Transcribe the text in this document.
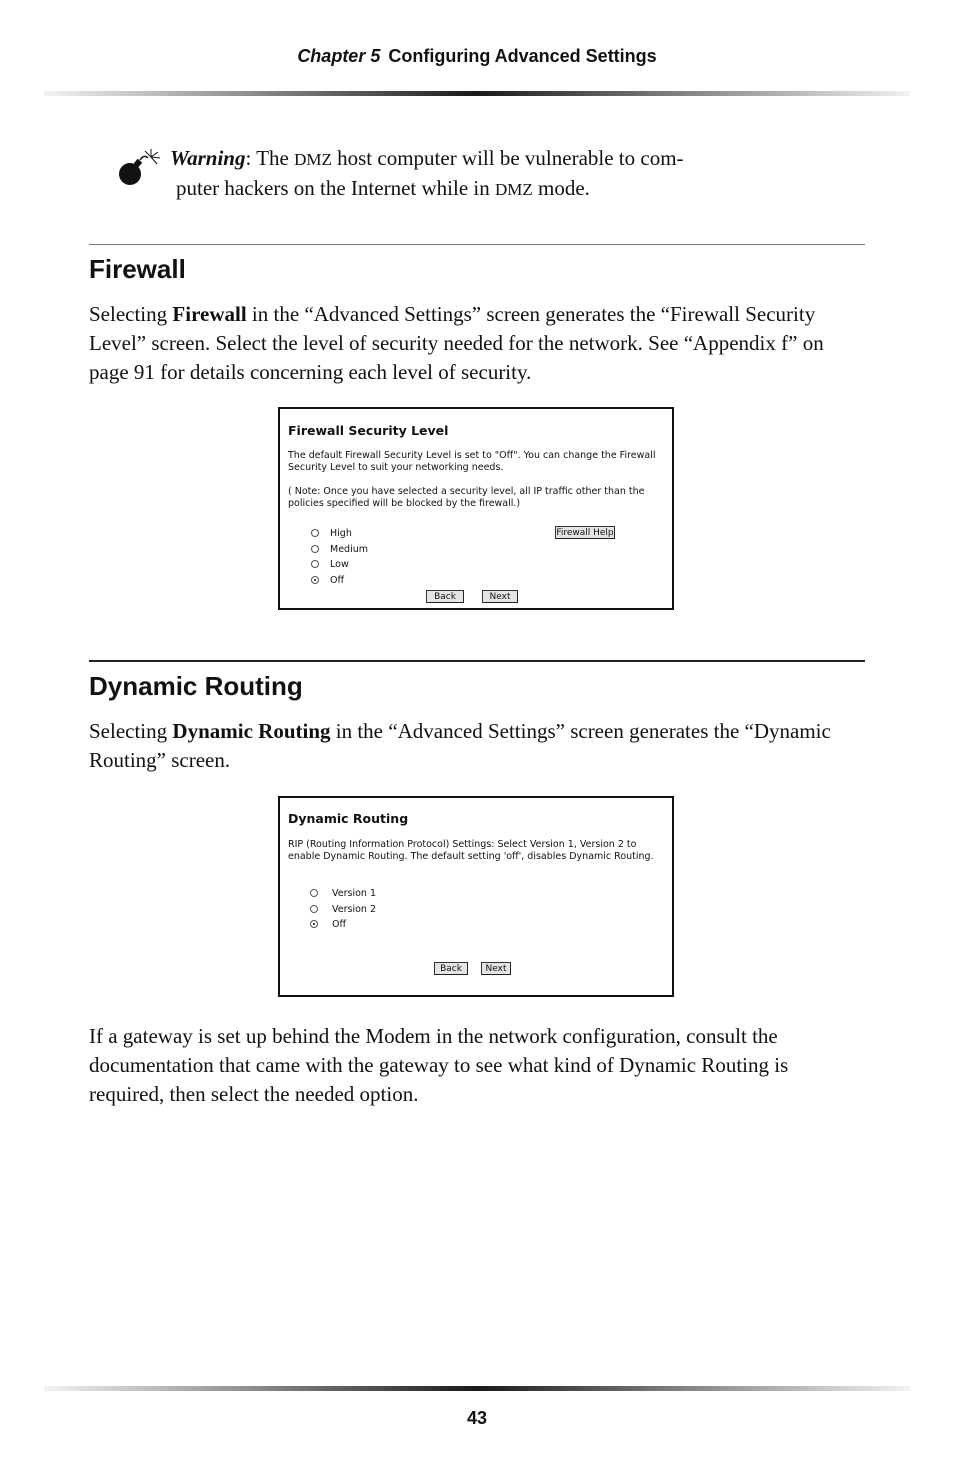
Chapter 5 Configuring Advanced Settings
Warning: The DMZ host computer will be vulnerable to com-
puter hackers on the Internet while in DMZ mode.
Firewall

Selecting Firewall in the “Advanced Settings” screen generates the “Firewall Security Level” screen. Select the level of security needed for the network. See “Appendix f” on page 91 for details concerning each level of security.

Firewall Security Level
The default Firewall Security Level is set to "Off". You can change the Firewall Security Level to suit your networking needs.
( Note: Once you have selected a security level, all IP traffic other than the policies specified will be blocked by the firewall.)
High
Medium
Low
Off
Firewall Help
Back	Next
Dynamic Routing

Selecting Dynamic Routing in the “Advanced Settings” screen generates the “Dynamic Routing” screen.

Dynamic Routing
RIP (Routing Information Protocol) Settings: Select Version 1, Version 2 to enable Dynamic Routing. The default setting 'off', disables Dynamic Routing.
Version 1
Version 2
Off
Back	Next

If a gateway is set up behind the Modem in the network configuration, consult the documentation that came with the gateway to see what kind of Dynamic Routing is required, then select the needed option.

43
